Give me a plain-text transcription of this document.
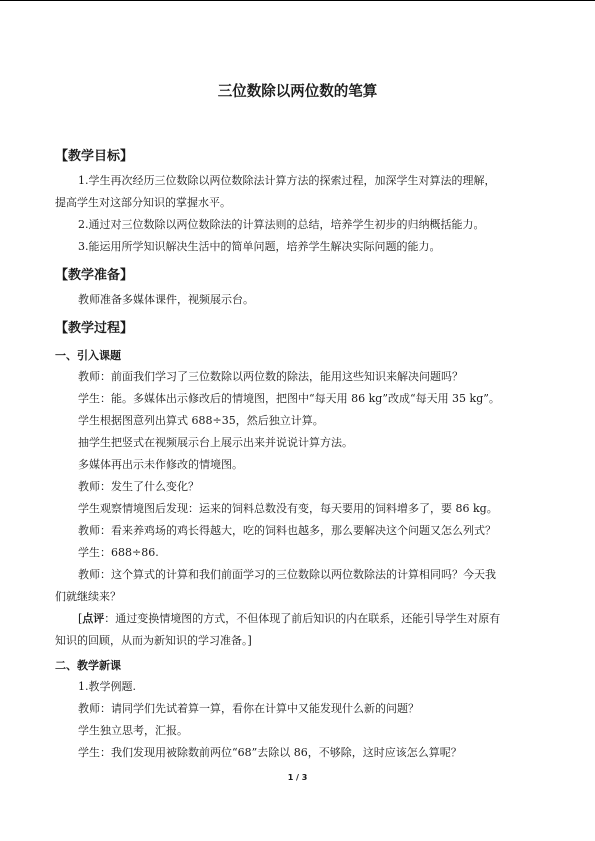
三位数除以两位数的笔算
【教学目标】
1.学生再次经历三位数除以两位数除法计算方法的探索过程，加深学生对算法的理解，
提高学生对这部分知识的掌握水平。
2.通过对三位数除以两位数除法的计算法则的总结，培养学生初步的归纳概括能力。
3.能运用所学知识解决生活中的简单问题，培养学生解决实际问题的能力。
【教学准备】
教师准备多媒体课件，视频展示台。
【教学过程】
一、引入课题
教师：前面我们学习了三位数除以两位数的除法，能用这些知识来解决问题吗？
学生：能。多媒体出示修改后的情境图，把图中“每天用 86 kg”改成“每天用 35 kg”。
学生根据图意列出算式 688÷35，然后独立计算。
抽学生把竖式在视频展示台上展示出来并说说计算方法。
多媒体再出示未作修改的情境图。
教师：发生了什么变化？
学生观察情境图后发现：运来的饲料总数没有变，每天要用的饲料增多了，要 86 kg。
教师：看来养鸡场的鸡长得越大，吃的饲料也越多，那么要解决这个问题又怎么列式？
学生：688÷86.
教师：这个算式的计算和我们前面学习的三位数除以两位数除法的计算相同吗？今天我
们就继续来？
[点评：通过变换情境图的方式，不但体现了前后知识的内在联系，还能引导学生对原有
知识的回顾，从而为新知识的学习准备。]
二、教学新课
1.教学例题.
教师：请同学们先试着算一算，看你在计算中又能发现什么新的问题？
学生独立思考，汇报。
学生：我们发现用被除数前两位“68”去除以 86，不够除，这时应该怎么算呢？
1 / 3
